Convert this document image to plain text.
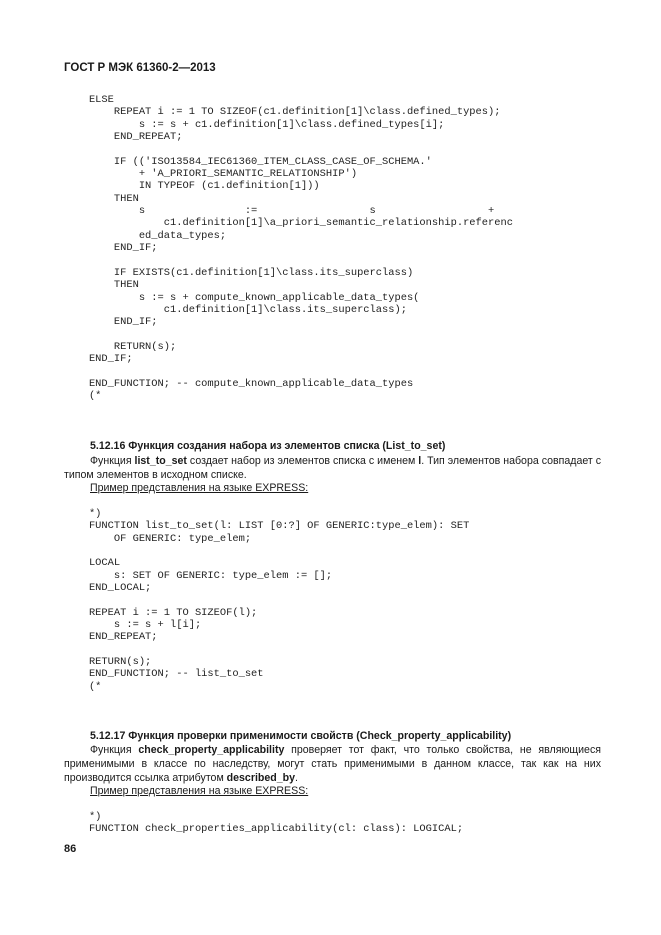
ГОСТ Р МЭК 61360-2—2013
ELSE
REPEAT i := 1 TO SIZEOF(c1.definition[1]\class.defined_types);
s := s + c1.definition[1]\class.defined_types[i];
END_REPEAT;

IF (('ISO13584_IEC61360_ITEM_CLASS_CASE_OF_SCHEMA.'
+ 'A_PRIORI_SEMANTIC_RELATIONSHIP')
IN TYPEOF (c1.definition[1]))
THEN
s                :=                  s                  +
c1.definition[1]\a_priori_semantic_relationship.referenc
ed_data_types;
END_IF;

IF EXISTS(c1.definition[1]\class.its_superclass)
THEN
s := s + compute_known_applicable_data_types(
c1.definition[1]\class.its_superclass);
END_IF;

RETURN(s);
END_IF;

END_FUNCTION; -- compute_known_applicable_data_types
(*
5.12.16 Функция создания набора из элементов списка (List_to_set)

Функция list_to_set создает набор из элементов списка с именем l. Тип элементов набора совпадает с типом элементов в исходном списке.

Пример представления на языке EXPRESS:
*)
FUNCTION list_to_set(l: LIST [0:?] OF GENERIC:type_elem): SET
OF GENERIC: type_elem;

LOCAL
s: SET OF GENERIC: type_elem := [];
END_LOCAL;

REPEAT i := 1 TO SIZEOF(l);
s := s + l[i];
END_REPEAT;

RETURN(s);
END_FUNCTION; -- list_to_set
(*
5.12.17 Функция проверки применимости свойств (Check_property_applicability)

Функция check_property_applicability проверяет тот факт, что только свойства, не являющиеся применимыми в классе по наследству, могут стать применимыми в данном классе, так как на них производится ссылка атрибутом described_by.

Пример представления на языке EXPRESS:
*)
FUNCTION check_properties_applicability(cl: class): LOGICAL;
86
